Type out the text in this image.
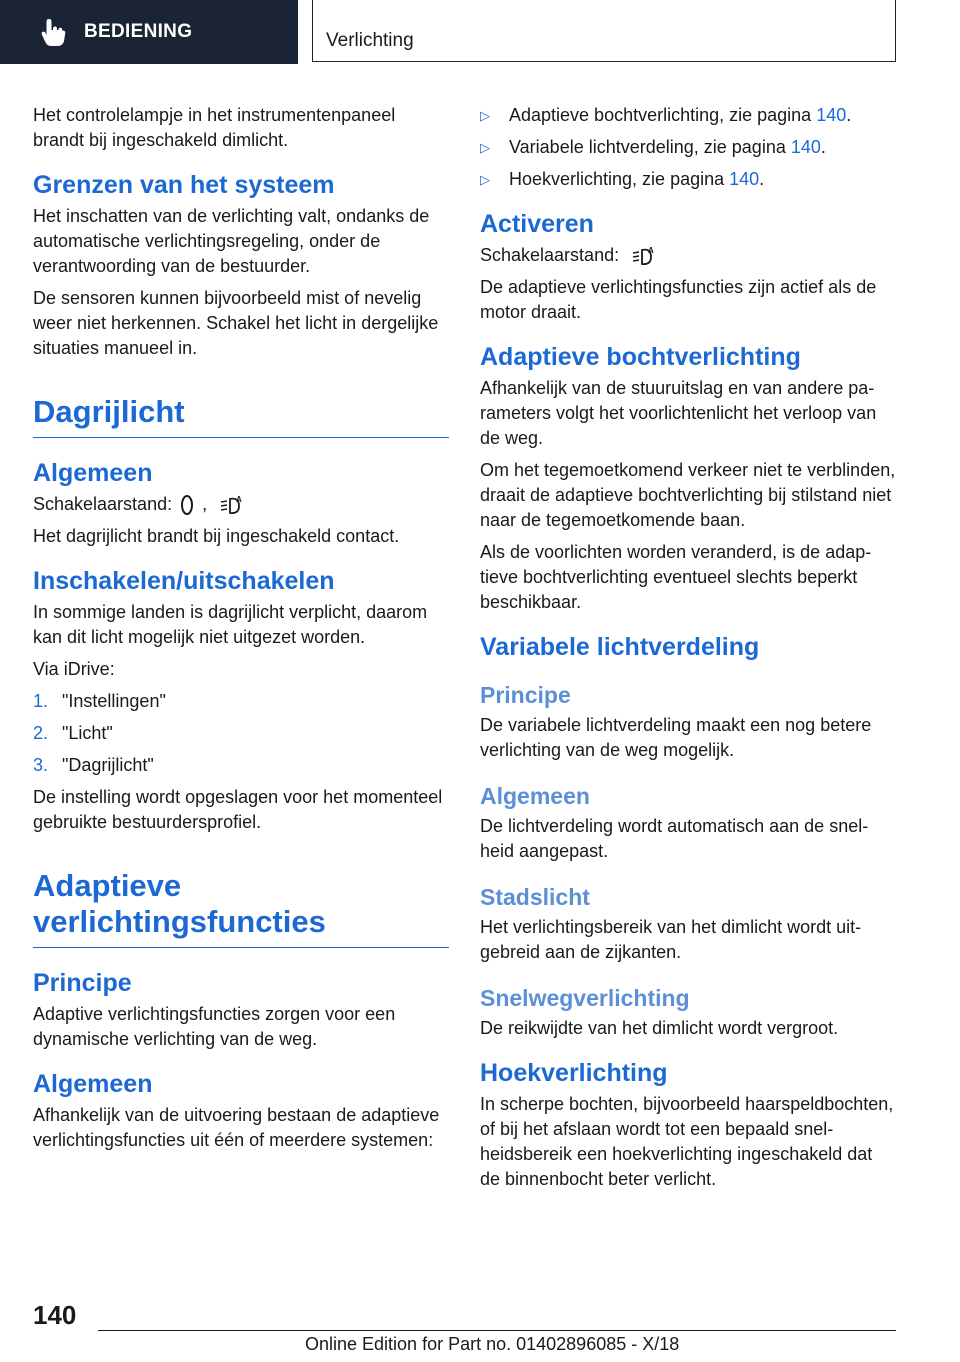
BEDIENING	Verlichting

Het controlelampje in het instrumentenpaneel brandt bij ingeschakeld dimlicht.

Grenzen van het systeem

Het inschatten van de verlichting valt, ondanks de automatische verlichtingsregeling, onder de verantwoording van de bestuurder.

De sensoren kunnen bijvoorbeeld mist of nevelig weer niet herkennen. Schakel het licht in dergelijke situaties manueel in.

Dagrijlicht
Algemeen
Schakelaarstand: ,	A

Het dagrijlicht brandt bij ingeschakeld contact.

Inschakelen/uitschakelen

In sommige landen is dagrijlicht verplicht, daarom kan dit licht mogelijk niet uitgezet worden.

Via iDrive:

1. "Instellingen"
2. "Licht"
3. "Dagrijlicht"

De instelling wordt opgeslagen voor het momenteel gebruikte bestuurdersprofiel.

Adaptieve
verlichtingsfuncties
Principe

Adaptive verlichtingsfuncties zorgen voor een dynamische verlichting van de weg.

Algemeen

Afhankelijk van de uitvoering bestaan de adaptieve verlichtingsfuncties uit één of meerdere systemen:

▷	Adaptieve bochtverlichting, zie pagina 140.
▷	Variabele lichtverdeling, zie pagina 140.
▷	Hoekverlichting, zie pagina 140.
Activeren
Schakelaarstand:	A

De adaptieve verlichtingsfuncties zijn actief als de motor draait.

Adaptieve bochtverlichting

Afhankelijk van de stuuruitslag en van andere parameters volgt het voorlichtenlicht het verloop van de weg.

Om het tegemoetkomend verkeer niet te verblinden, draait de adaptieve bochtverlichting bij stilstand niet naar de tegemoetkomende baan.

Als de voorlichten worden veranderd, is de adaptieve bochtverlichting eventueel slechts beperkt beschikbaar.

Variabele lichtverdeling
Principe

De variabele lichtverdeling maakt een nog betere verlichting van de weg mogelijk.

Algemeen

De lichtverdeling wordt automatisch aan de snelheid aangepast.

Stadslicht

Het verlichtingsbereik van het dimlicht wordt uitgebreid aan de zijkanten.

Snelwegverlichting

De reikwijdte van het dimlicht wordt vergroot.

Hoekverlichting

In scherpe bochten, bijvoorbeeld haarspeldbochten, of bij het afslaan wordt tot een bepaald snelheidsbereik een hoekverlichting ingeschakeld dat de binnenbocht beter verlicht.

140
Online Edition for Part no. 01402896085 - X/18
